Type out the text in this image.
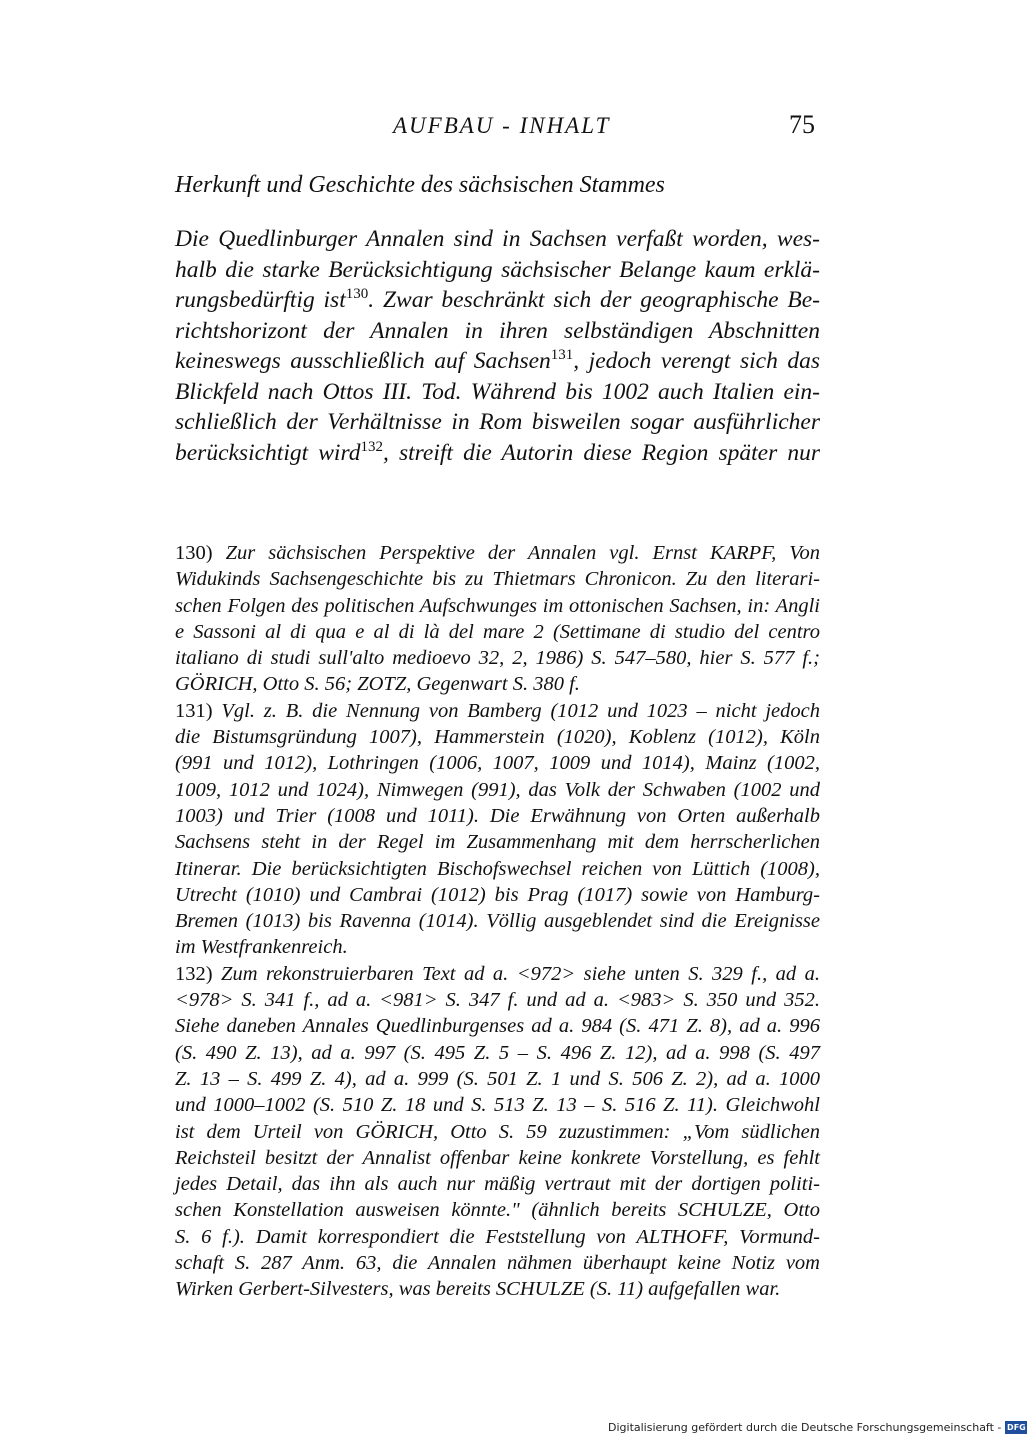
AUFBAU - INHALT	75
Herkunft und Geschichte des sächsischen Stammes
Die Quedlinburger Annalen sind in Sachsen verfaßt worden, wes-
halb die starke Berücksichtigung sächsischer Belange kaum erklä-
rungsbedürftig ist$^{130}$. Zwar beschränkt sich der geographische Be-
richtshorizont der Annalen in ihren selbständigen Abschnitten
keineswegs ausschließlich auf Sachsen$^{131}$, jedoch verengt sich das
Blickfeld nach Ottos III. Tod. Während bis 1002 auch Italien ein-
schließlich der Verhältnisse in Rom bisweilen sogar ausführlicher
berücksichtigt wird$^{132}$, streift die Autorin diese Region später nur
130) Zur sächsischen Perspektive der Annalen vgl. Ernst KARPF, Von
Widukinds Sachsengeschichte bis zu Thietmars Chronicon. Zu den literari-
schen Folgen des politischen Aufschwunges im ottonischen Sachsen, in: Angli
e Sassoni al di qua e al di là del mare 2 (Settimane di studio del centro
italiano di studi sull'alto medioevo 32, 2, 1986) S. 547–580, hier S. 577 f.;
GÖRICH, Otto S. 56; ZOTZ, Gegenwart S. 380 f.
131) Vgl. z. B. die Nennung von Bamberg (1012 und 1023 – nicht jedoch
die Bistumsgründung 1007), Hammerstein (1020), Koblenz (1012), Köln
(991 und 1012), Lothringen (1006, 1007, 1009 und 1014), Mainz (1002,
1009, 1012 und 1024), Nimwegen (991), das Volk der Schwaben (1002 und
1003) und Trier (1008 und 1011). Die Erwähnung von Orten außerhalb
Sachsens steht in der Regel im Zusammenhang mit dem herrscherlichen
Itinerar. Die berücksichtigten Bischofswechsel reichen von Lüttich (1008),
Utrecht (1010) und Cambrai (1012) bis Prag (1017) sowie von Hamburg-
Bremen (1013) bis Ravenna (1014). Völlig ausgeblendet sind die Ereignisse
im Westfrankenreich.
132) Zum rekonstruierbaren Text ad a. <972> siehe unten S. 329 f., ad a.
<978> S. 341 f., ad a. <981> S. 347 f. und ad a. <983> S. 350 und 352.
Siehe daneben Annales Quedlinburgenses ad a. 984 (S. 471 Z. 8), ad a. 996
(S. 490 Z. 13), ad a. 997 (S. 495 Z. 5 – S. 496 Z. 12), ad a. 998 (S. 497
Z. 13 – S. 499 Z. 4), ad a. 999 (S. 501 Z. 1 und S. 506 Z. 2), ad a. 1000
und 1000–1002 (S. 510 Z. 18 und S. 513 Z. 13 – S. 516 Z. 11). Gleichwohl
ist dem Urteil von GÖRICH, Otto S. 59 zuzustimmen: „Vom südlichen
Reichsteil besitzt der Annalist offenbar keine konkrete Vorstellung, es fehlt
jedes Detail, das ihn als auch nur mäßig vertraut mit der dortigen politi-
schen Konstellation ausweisen könnte." (ähnlich bereits SCHULZE, Otto
S. 6 f.). Damit korrespondiert die Feststellung von ALTHOFF, Vormund-
schaft S. 287 Anm. 63, die Annalen nähmen überhaupt keine Notiz vom
Wirken Gerbert-Silvesters, was bereits SCHULZE (S. 11) aufgefallen war.
Digitalisierung gefördert durch die Deutsche Forschungsgemeinschaft - DFG
